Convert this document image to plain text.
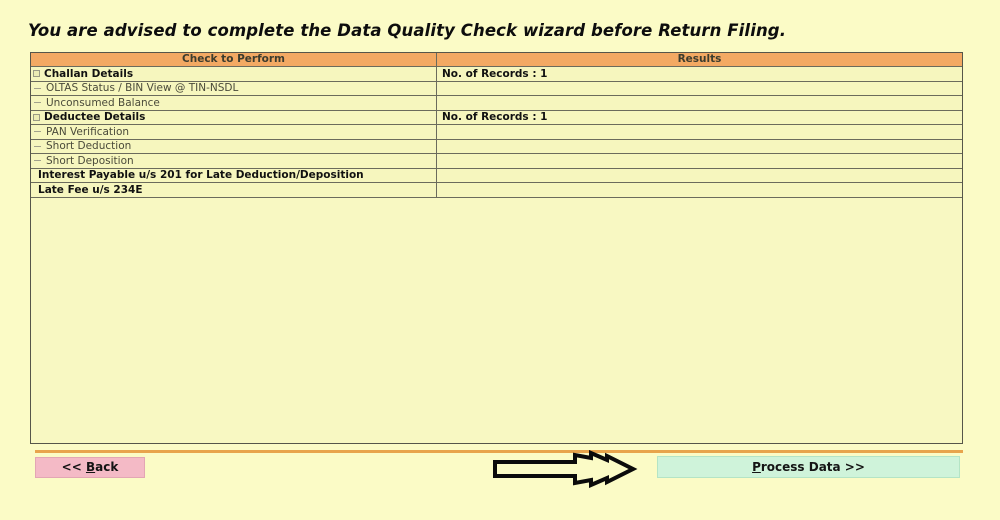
You are advised to complete the Data Quality Check wizard before Return Filing.
Check to Perform	Results
Challan Details	No. of Records : 1
OLTAS Status / BIN View @ TIN-NSDL
Unconsumed Balance
Deductee Details	No. of Records : 1
PAN Verification
Short Deduction
Short Deposition
Interest Payable u/s 201 for Late Deduction/Deposition
Late Fee u/s 234E
<< Back	Process Data >>
